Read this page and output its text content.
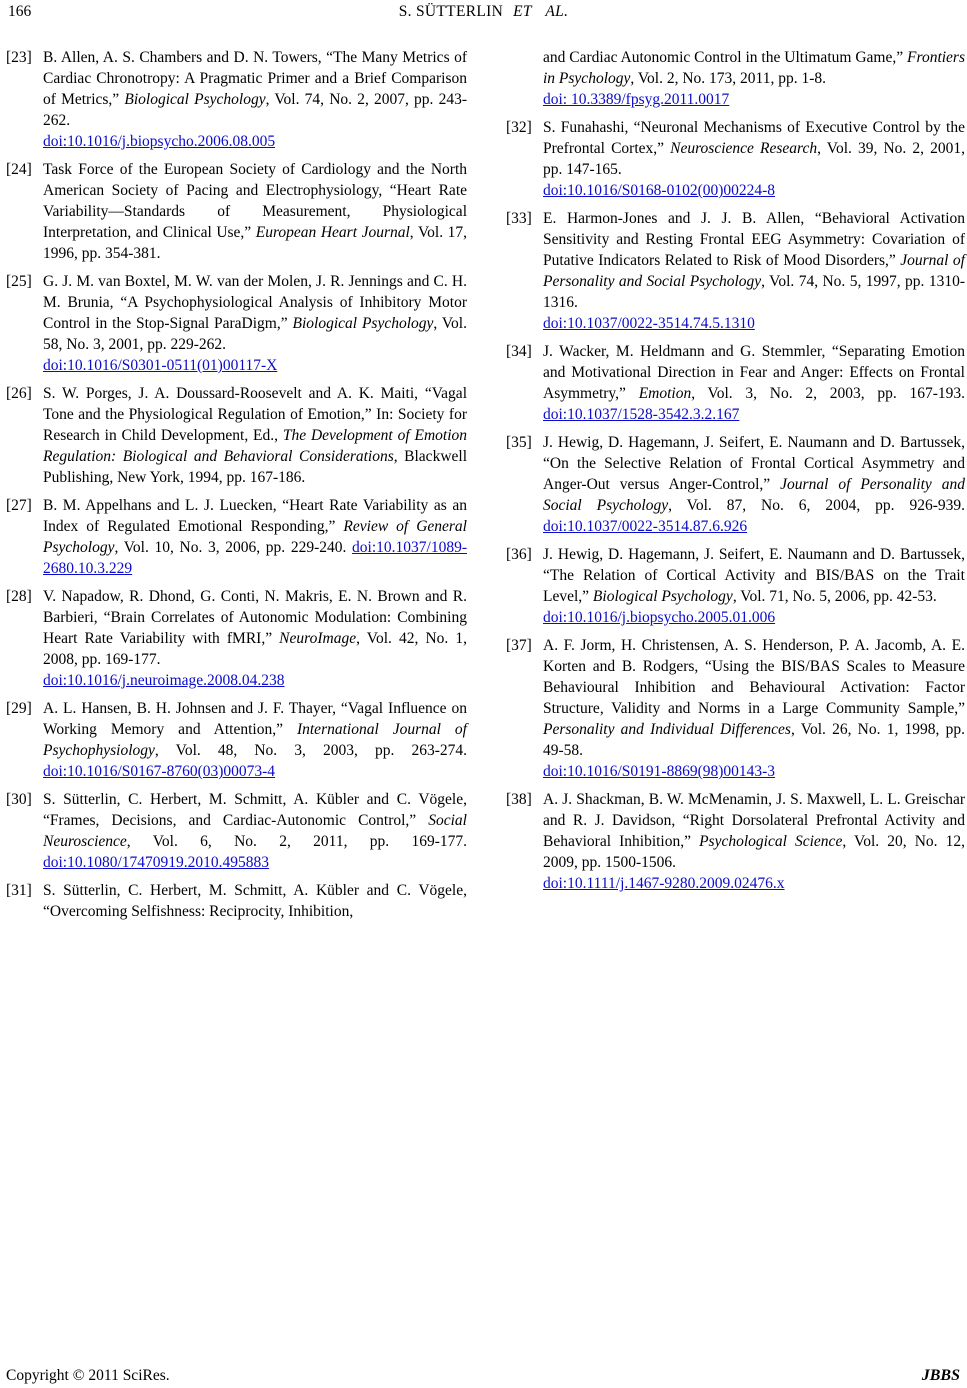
166	S. SÜTTERLIN ET AL.
[23] B. Allen, A. S. Chambers and D. N. Towers, “The Many Metrics of Cardiac Chronotropy: A Pragmatic Primer and a Brief Comparison of Metrics,” Biological Psychology, Vol. 74, No. 2, 2007, pp. 243-262.
doi:10.1016/j.biopsycho.2006.08.005
[24] Task Force of the European Society of Cardiology and the North American Society of Pacing and Electrophysiology, “Heart Rate Variability—Standards of Measurement, Physiological Interpretation, and Clinical Use,” European Heart Journal, Vol. 17, 1996, pp. 354-381.
[25] G. J. M. van Boxtel, M. W. van der Molen, J. R. Jennings and C. H. M. Brunia, “A Psychophysiological Analysis of Inhibitory Motor Control in the Stop-Signal ParaDigm,” Biological Psychology, Vol. 58, No. 3, 2001, pp. 229-262.
doi:10.1016/S0301-0511(01)00117-X
[26] S. W. Porges, J. A. Doussard-Roosevelt and A. K. Maiti, “Vagal Tone and the Physiological Regulation of Emotion,” In: Society for Research in Child Development, Ed., The Development of Emotion Regulation: Biological and Behavioral Considerations, Blackwell Publishing, New York, 1994, pp. 167-186.
[27] B. M. Appelhans and L. J. Luecken, “Heart Rate Variability as an Index of Regulated Emotional Responding,” Review of General Psychology, Vol. 10, No. 3, 2006, pp. 229-240. doi:10.1037/1089-2680.10.3.229
[28] V. Napadow, R. Dhond, G. Conti, N. Makris, E. N. Brown and R. Barbieri, “Brain Correlates of Autonomic Modulation: Combining Heart Rate Variability with fMRI,” NeuroImage, Vol. 42, No. 1, 2008, pp. 169-177.
doi:10.1016/j.neuroimage.2008.04.238
[29] A. L. Hansen, B. H. Johnsen and J. F. Thayer, “Vagal Influence on Working Memory and Attention,” International Journal of Psychophysiology, Vol. 48, No. 3, 2003, pp. 263-274. doi:10.1016/S0167-8760(03)00073-4
[30] S. Sütterlin, C. Herbert, M. Schmitt, A. Kübler and C. Vögele, “Frames, Decisions, and Cardiac-Autonomic Control,” Social Neuroscience, Vol. 6, No. 2, 2011, pp. 169-177. doi:10.1080/17470919.2010.495883
[31] S. Sütterlin, C. Herbert, M. Schmitt, A. Kübler and C. Vögele, “Overcoming Selfishness: Reciprocity, Inhibition,
and Cardiac Autonomic Control in the Ultimatum Game,” Frontiers in Psychology, Vol. 2, No. 173, 2011, pp. 1-8.
doi: 10.3389/fpsyg.2011.0017
[32] S. Funahashi, “Neuronal Mechanisms of Executive Control by the Prefrontal Cortex,” Neuroscience Research, Vol. 39, No. 2, 2001, pp. 147-165.
doi:10.1016/S0168-0102(00)00224-8
[33] E. Harmon-Jones and J. J. B. Allen, “Behavioral Activation Sensitivity and Resting Frontal EEG Asymmetry: Covariation of Putative Indicators Related to Risk of Mood Disorders,” Journal of Personality and Social Psychology, Vol. 74, No. 5, 1997, pp. 1310-1316.
doi:10.1037/0022-3514.74.5.1310
[34] J. Wacker, M. Heldmann and G. Stemmler, “Separating Emotion and Motivational Direction in Fear and Anger: Effects on Frontal Asymmetry,” Emotion, Vol. 3, No. 2, 2003, pp. 167-193. doi:10.1037/1528-3542.3.2.167
[35] J. Hewig, D. Hagemann, J. Seifert, E. Naumann and D. Bartussek, “On the Selective Relation of Frontal Cortical Asymmetry and Anger-Out versus Anger-Control,” Journal of Personality and Social Psychology, Vol. 87, No. 6, 2004, pp. 926-939. doi:10.1037/0022-3514.87.6.926
[36] J. Hewig, D. Hagemann, J. Seifert, E. Naumann and D. Bartussek, “The Relation of Cortical Activity and BIS/BAS on the Trait Level,” Biological Psychology, Vol. 71, No. 5, 2006, pp. 42-53.
doi:10.1016/j.biopsycho.2005.01.006
[37] A. F. Jorm, H. Christensen, A. S. Henderson, P. A. Jacomb, A. E. Korten and B. Rodgers, “Using the BIS/BAS Scales to Measure Behavioural Inhibition and Behavioural Activation: Factor Structure, Validity and Norms in a Large Community Sample,” Personality and Individual Differences, Vol. 26, No. 1, 1998, pp. 49-58.
doi:10.1016/S0191-8869(98)00143-3
[38] A. J. Shackman, B. W. McMenamin, J. S. Maxwell, L. L. Greischar and R. J. Davidson, “Right Dorsolateral Prefrontal Activity and Behavioral Inhibition,” Psychological Science, Vol. 20, No. 12, 2009, pp. 1500-1506.
doi:10.1111/j.1467-9280.2009.02476.x
Copyright © 2011 SciRes.	JBBS
